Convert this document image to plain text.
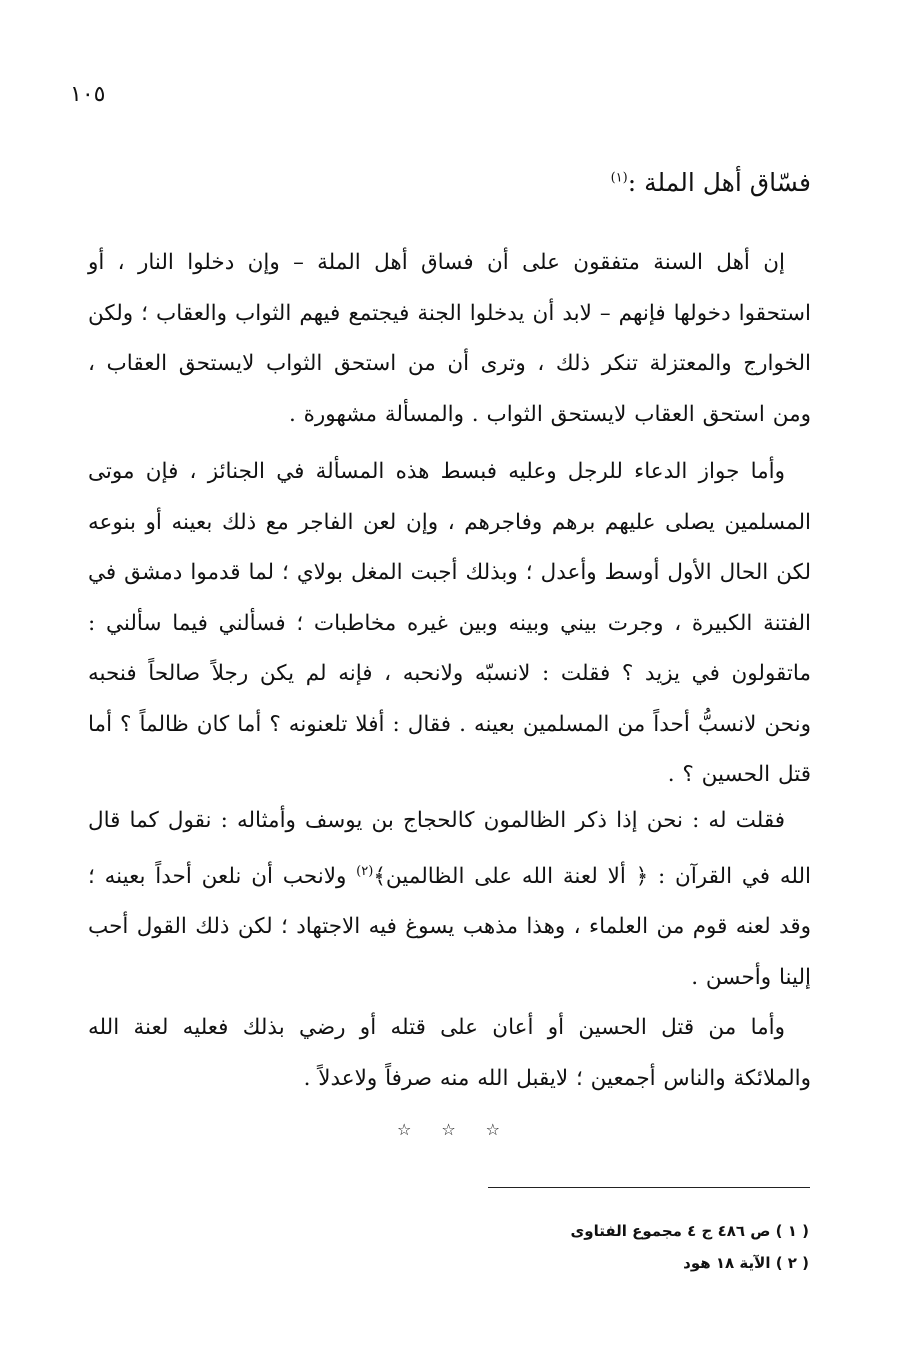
١٠٥
فسّاق أهل الملة :$^{(١)}$

إن أهل السنة متفقون على أن فساق أهل الملة – وإن دخلوا النار ، أو استحقوا دخولها فإنهم – لابد أن يدخلوا الجنة فيجتمع فيهم الثواب والعقاب ؛ ولكن الخوارج والمعتزلة تنكر ذلك ، وترى أن من استحق الثواب لايستحق العقاب ، ومن استحق العقاب لايستحق الثواب . والمسألة مشهورة .

وأما جواز الدعاء للرجل وعليه فبسط هذه المسألة في الجنائز ، فإن موتى المسلمين يصلى عليهم برهم وفاجرهم ، وإن لعن الفاجر مع ذلك بعينه أو بنوعه لكن الحال الأول أوسط وأعدل ؛ وبذلك أجبت المغل بولاي ؛ لما قدموا دمشق في الفتنة الكبيرة ، وجرت بيني وبينه وبين غيره مخاطبات ؛ فسألني فيما سألني : ماتقولون في يزيد ؟ فقلت : لانسبّه ولانحبه ، فإنه لم يكن رجلاً صالحاً فنحبه ونحن لانسبُّ أحداً من المسلمين بعينه . فقال : أفلا تلعنونه ؟ أما كان ظالماً ؟ أما قتل الحسين ؟ .

فقلت له : نحن إذا ذكر الظالمون كالحجاج بن يوسف وأمثاله : نقول كما قال الله في القرآن : ﴿ ألا لعنة الله على الظالمين﴾$^{(٢)}$ ولانحب أن نلعن أحداً بعينه ؛ وقد لعنه قوم من العلماء ، وهذا مذهب يسوغ فيه الاجتهاد ؛ لكن ذلك القول أحب إلينا وأحسن .

وأما من قتل الحسين أو أعان على قتله أو رضي بذلك فعليه لعنة الله والملائكة والناس أجمعين ؛ لايقبل الله منه صرفاً ولاعدلاً .

☆☆☆
( ١ ) ص ٤٨٦ ج ٤ مجموع الفتاوى
( ٢ ) الآية ١٨ هود
